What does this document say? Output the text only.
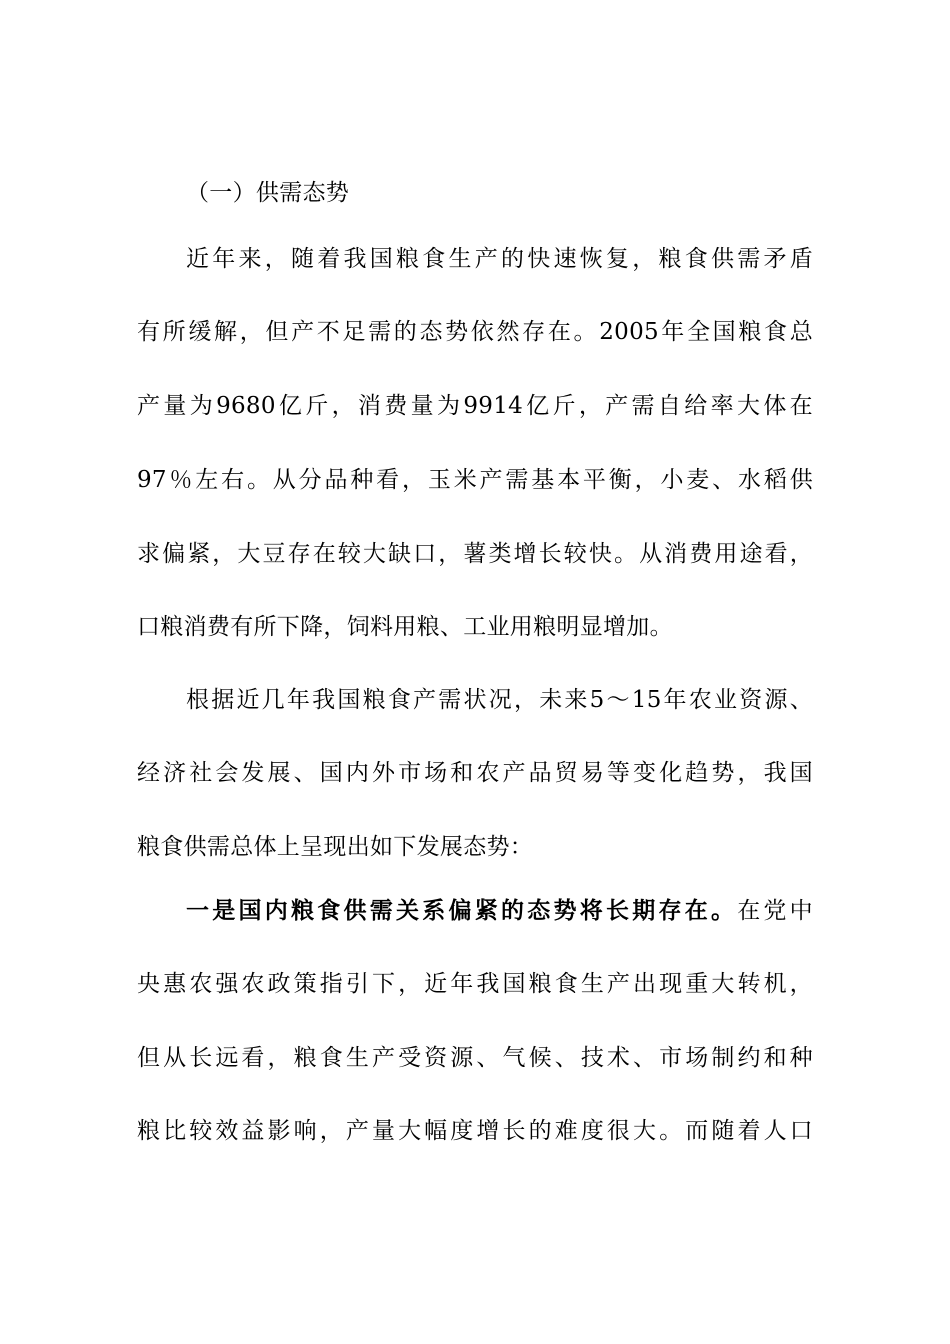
（一）供需态势
近年来，随着我国粮食生产的快速恢复，粮食供需矛盾
有所缓解，但产不足需的态势依然存在。2005年全国粮食总
产量为9680亿斤，消费量为9914亿斤，产需自给率大体在
97％左右。从分品种看，玉米产需基本平衡，小麦、水稻供
求偏紧，大豆存在较大缺口，薯类增长较快。从消费用途看，
口粮消费有所下降，饲料用粮、工业用粮明显增加。
根据近几年我国粮食产需状况，未来5～15年农业资源、
经济社会发展、国内外市场和农产品贸易等变化趋势，我国
粮食供需总体上呈现出如下发展态势：
一是国内粮食供需关系偏紧的态势将长期存在。在党中
央惠农强农政策指引下，近年我国粮食生产出现重大转机，
但从长远看，粮食生产受资源、气候、技术、市场制约和种
粮比较效益影响，产量大幅度增长的难度很大。而随着人口
